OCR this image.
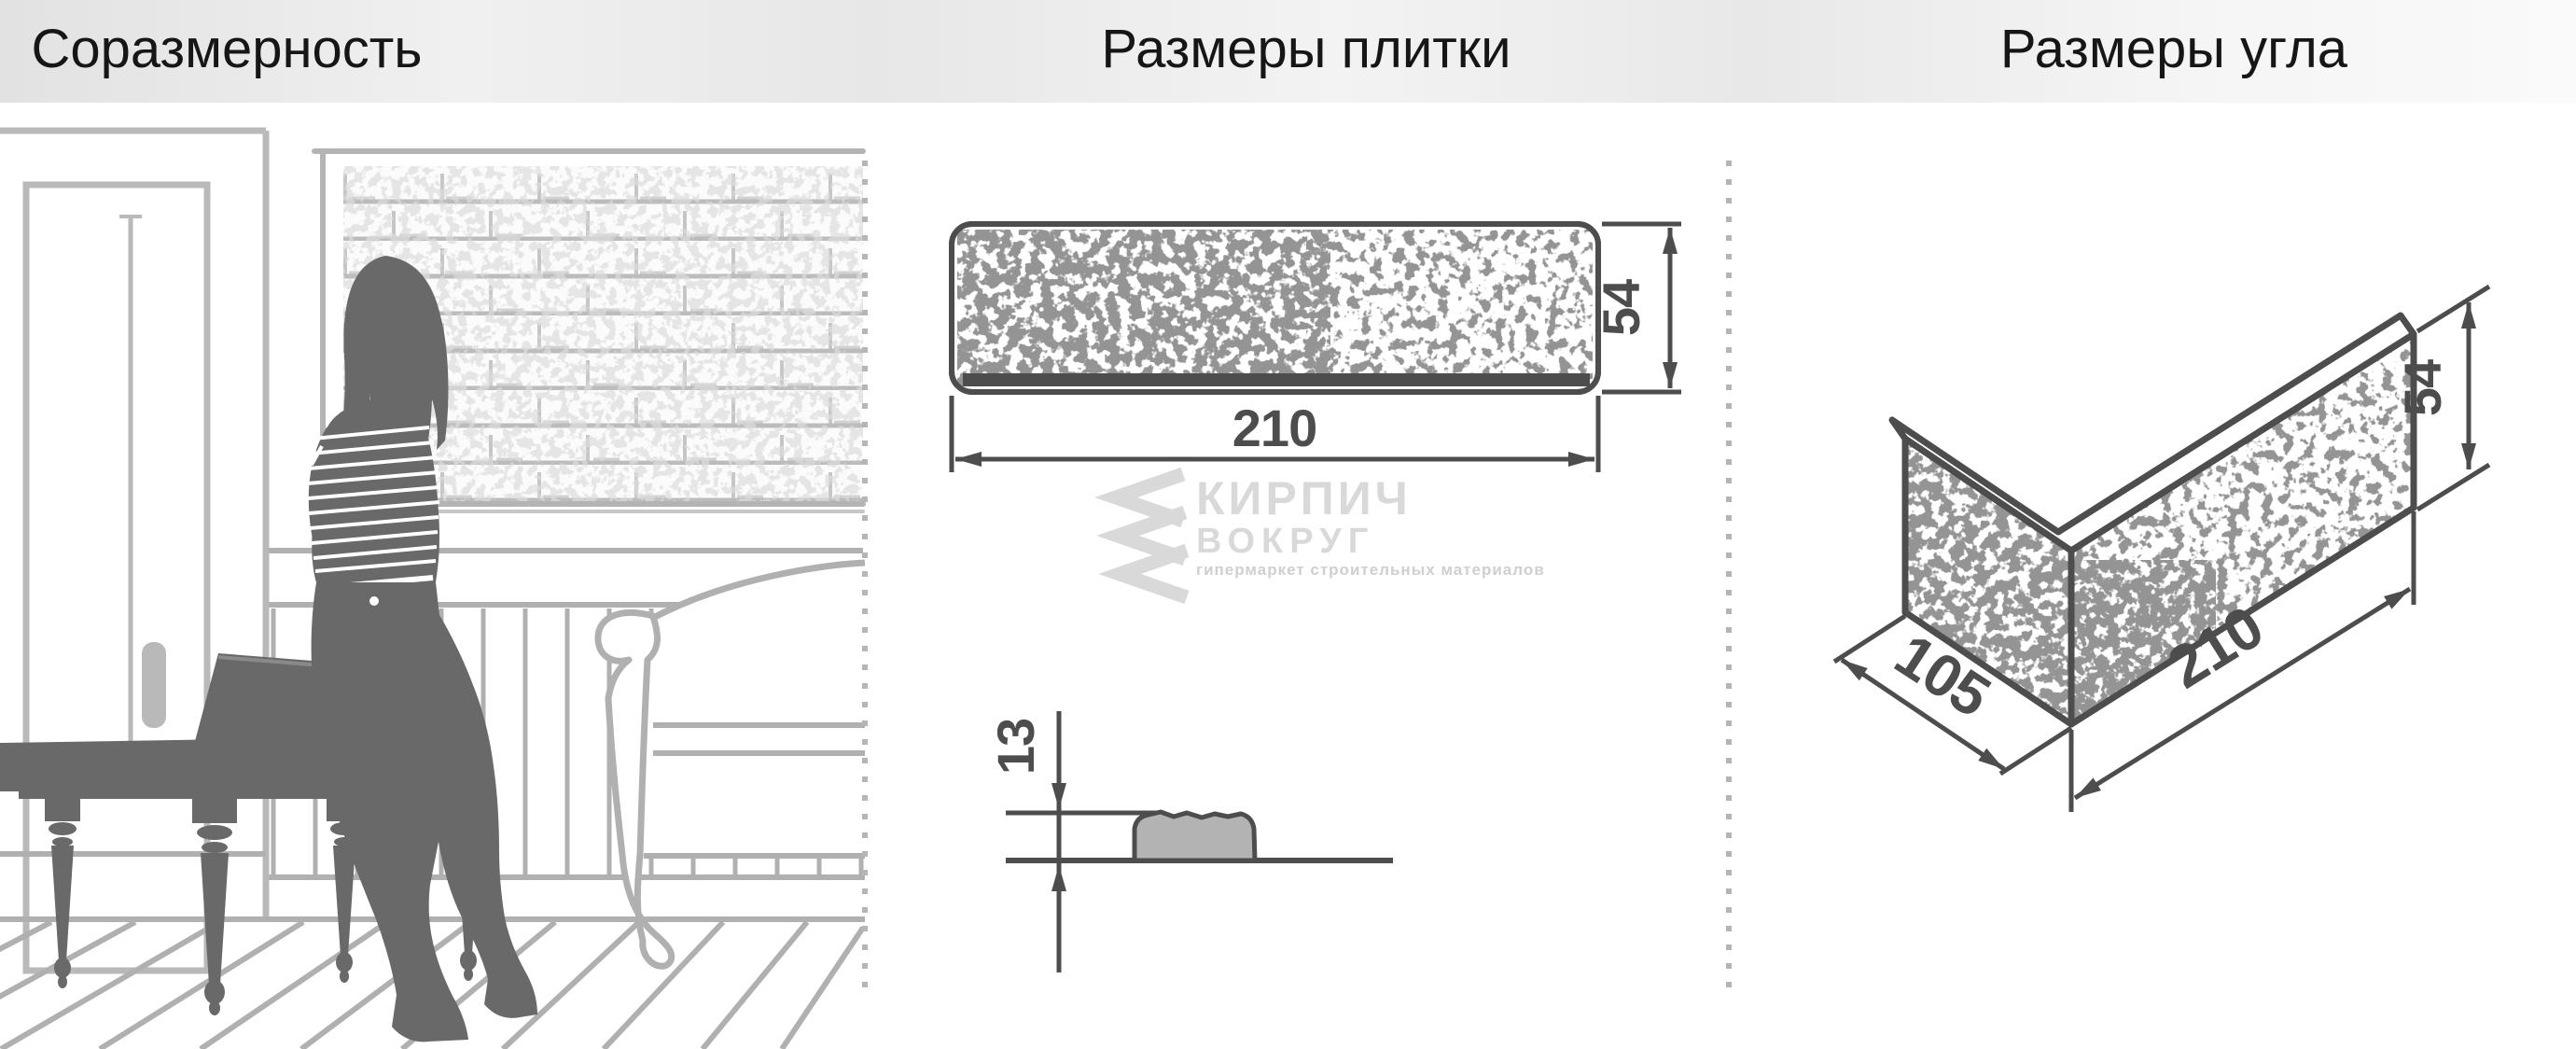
Соразмерность	Размеры плитки	Размеры угла
КИРПИЧ
ВОКРУГ
гипермаркет строительных материалов
210
54
13
105	210
54
